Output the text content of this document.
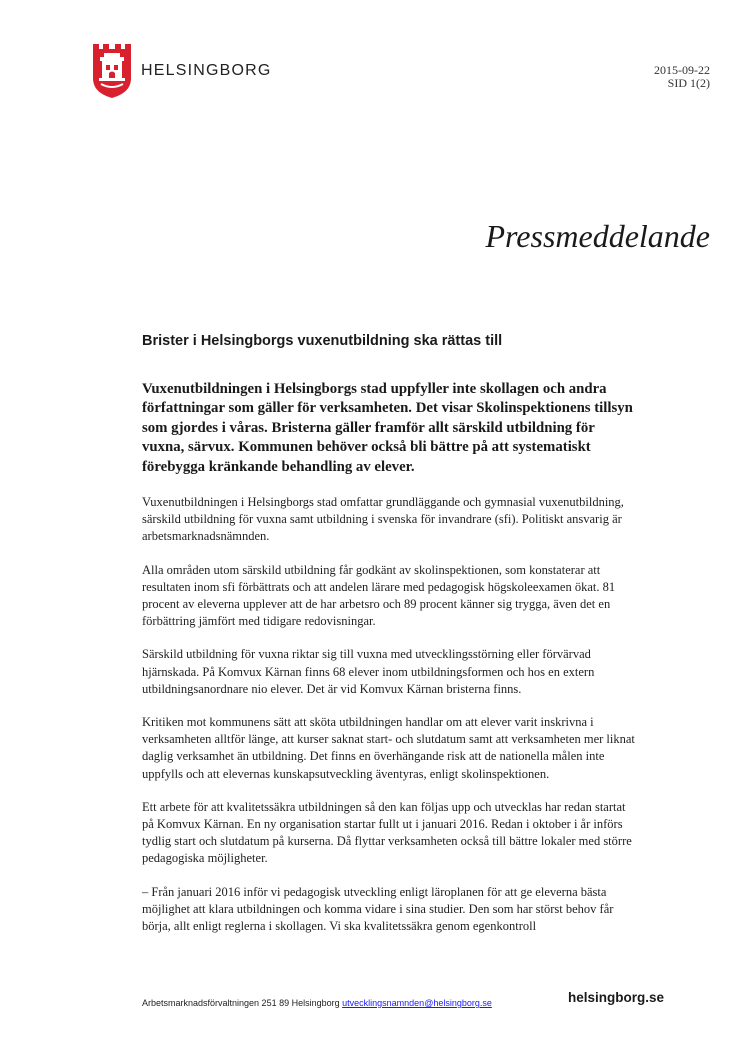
HELSINGBORG	2015-09-22
SID 1(2)
Pressmeddelande
Brister i Helsingborgs vuxenutbildning ska rättas till

Vuxenutbildningen i Helsingborgs stad uppfyller inte skollagen och andra författningar som gäller för verksamheten. Det visar Skolinspektionens tillsyn som gjordes i våras. Bristerna gäller framför allt särskild utbildning för vuxna, särvux. Kommunen behöver också bli bättre på att systematiskt förebygga kränkande behandling av elever.

Vuxenutbildningen i Helsingborgs stad omfattar grundläggande och gymnasial vuxenutbildning, särskild utbildning för vuxna samt utbildning i svenska för invandrare (sfi). Politiskt ansvarig är arbetsmarknadsnämnden.

Alla områden utom särskild utbildning får godkänt av skolinspektionen, som konstaterar att resultaten inom sfi förbättrats och att andelen lärare med pedagogisk högskoleexamen ökat. 81 procent av eleverna upplever att de har arbetsro och 89 procent känner sig trygga, även det en förbättring jämfört med tidigare redovisningar.

Särskild utbildning för vuxna riktar sig till vuxna med utvecklingsstörning eller förvärvad hjärnskada. På Komvux Kärnan finns 68 elever inom utbildningsformen och hos en extern utbildningsanordnare nio elever. Det är vid Komvux Kärnan bristerna finns.

Kritiken mot kommunens sätt att sköta utbildningen handlar om att elever varit inskrivna i verksamheten alltför länge, att kurser saknat start- och slutdatum samt att verksamheten mer liknat daglig verksamhet än utbildning. Det finns en överhängande risk att de nationella målen inte uppfylls och att elevernas kunskapsutveckling äventyras, enligt skolinspektionen.

Ett arbete för att kvalitetssäkra utbildningen så den kan följas upp och utvecklas har redan startat på Komvux Kärnan. En ny organisation startar fullt ut i januari 2016. Redan i oktober i år införs tydlig start och slutdatum på kurserna. Då flyttar verksamheten också till bättre lokaler med större pedagogiska möjligheter.

– Från januari 2016 inför vi pedagogisk utveckling enligt läroplanen för att ge eleverna bästa möjlighet att klara utbildningen och komma vidare i sina studier. Den som har störst behov får börja, allt enligt reglerna i skollagen. Vi ska kvalitetssäkra genom egenkontroll

Arbetsmarknadsförvaltningen 251 89 Helsingborg utvecklingsnamnden@helsingborg.se	helsingborg.se
